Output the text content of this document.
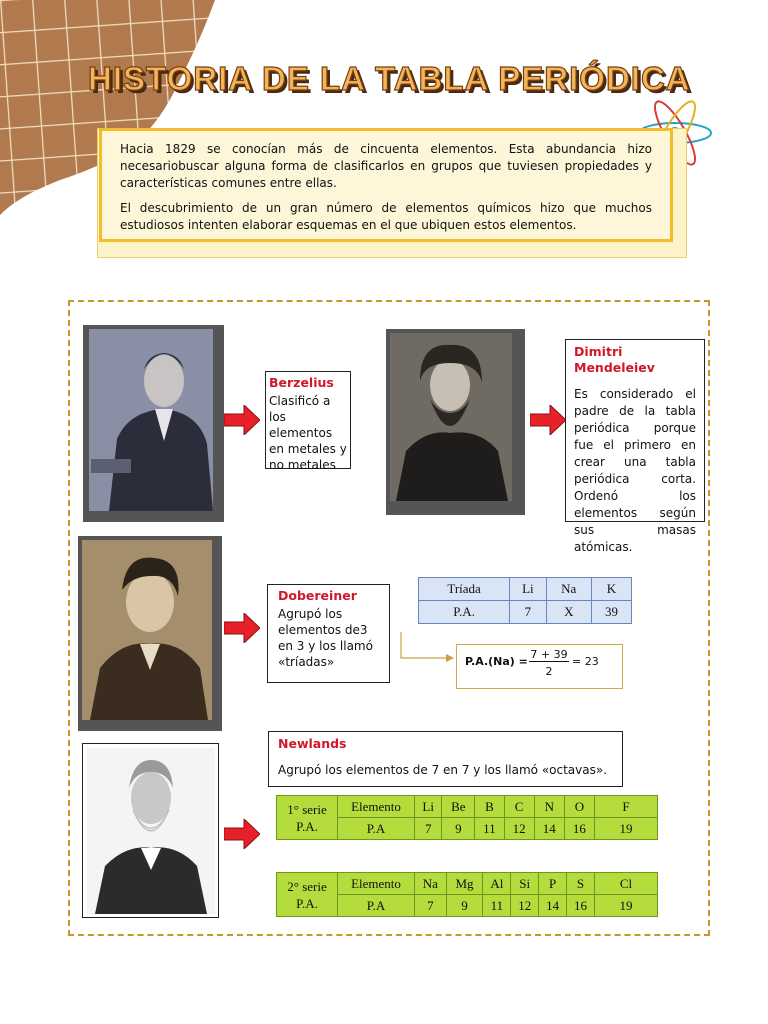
HISTORIA DE LA TABLA PERIÓDICA

Hacia 1829 se conocían más de cincuenta elementos. Esta abundancia hizo necesariobuscar alguna forma de clasificarlos en grupos que tuviesen propiedades y características comunes entre ellas.

El descubrimiento de un gran número de elementos químicos hizo que muchos estudiosos intenten elaborar esquemas en el que ubiquen estos elementos.

Berzelius

Clasificó a los elementos en metales y no metales

Dimitri Mendeleiev

Es considerado el padre de la tabla periódica porque fue el primero en crear una tabla periódica corta. Ordenó los elementos según sus masas atómicas.

Dobereiner

Agrupó los elementos de3 en 3 y los llamó «tríadas»

Tríada	Li	Na	K
P.A.	7	X	39
P.A.(Na) =
7 + 39
2
= 23
Newlands

Agrupó los elementos de 7 en 7 y los llamó «octavas».

1° serie
P.A.	Elemento	Li	Be	B	C	N	O	F
	P.A	7	9	11	12	14	16	19
2° serie
P.A.	Elemento	Na	Mg	Al	Si	P	S	Cl
	P.A	7	9	11	12	14	16	19
